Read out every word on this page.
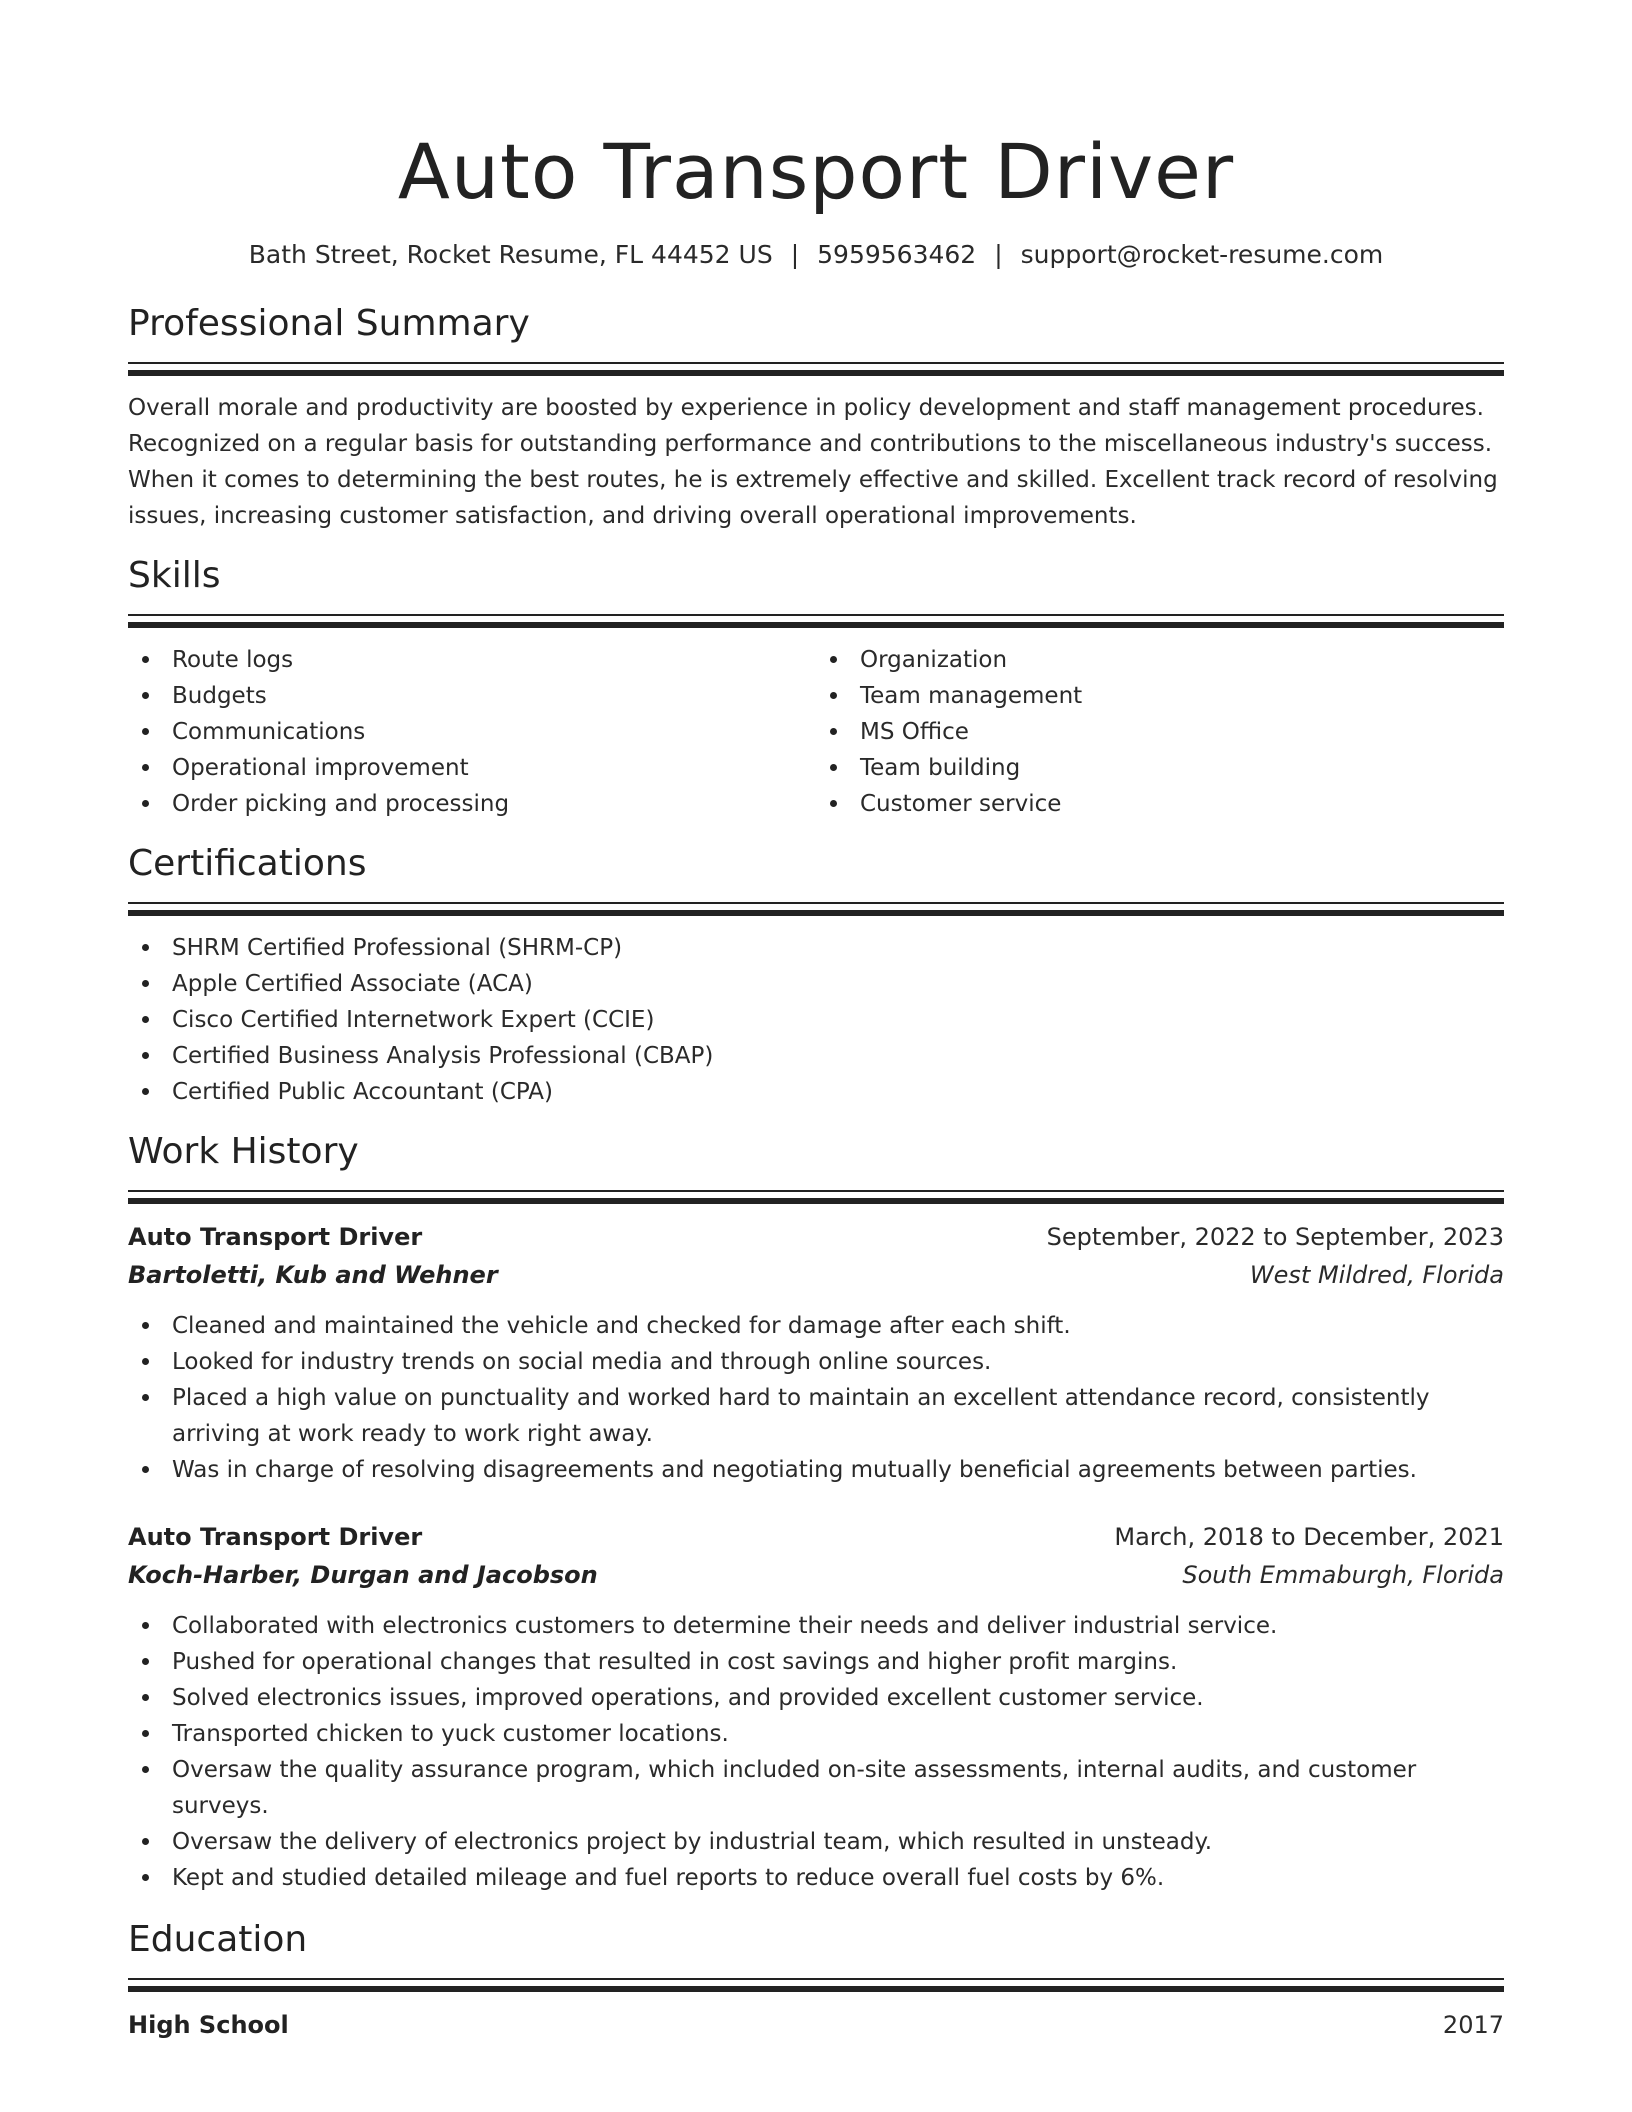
Auto Transport Driver
Bath Street, Rocket Resume, FL 44452 US | 5959563462 | support@rocket-resume.com
Professional Summary

Overall morale and productivity are boosted by experience in policy development and staff management procedures. Recognized on a regular basis for outstanding performance and contributions to the miscellaneous industry's success. When it comes to determining the best routes, he is extremely effective and skilled. Excellent track record of resolving issues, increasing customer satisfaction, and driving overall operational improvements.

Skills
Route logs
Budgets
Communications
Operational improvement
Order picking and processing
Organization
Team management
MS Office
Team building
Customer service
Certifications
SHRM Certified Professional (SHRM-CP)
Apple Certified Associate (ACA)
Cisco Certified Internetwork Expert (CCIE)
Certified Business Analysis Professional (CBAP)
Certified Public Accountant (CPA)
Work History
Auto Transport Driver	September, 2022 to September, 2023
Bartoletti, Kub and Wehner	West Mildred, Florida
Cleaned and maintained the vehicle and checked for damage after each shift.
Looked for industry trends on social media and through online sources.
Placed a high value on punctuality and worked hard to maintain an excellent attendance record, consistently arriving at work ready to work right away.
Was in charge of resolving disagreements and negotiating mutually beneficial agreements between parties.
Auto Transport Driver	March, 2018 to December, 2021
Koch-Harber, Durgan and Jacobson	South Emmaburgh, Florida
Collaborated with electronics customers to determine their needs and deliver industrial service.
Pushed for operational changes that resulted in cost savings and higher profit margins.
Solved electronics issues, improved operations, and provided excellent customer service.
Transported chicken to yuck customer locations.
Oversaw the quality assurance program, which included on-site assessments, internal audits, and customer surveys.
Oversaw the delivery of electronics project by industrial team, which resulted in unsteady.
Kept and studied detailed mileage and fuel reports to reduce overall fuel costs by 6%.
Education
High School	2017
